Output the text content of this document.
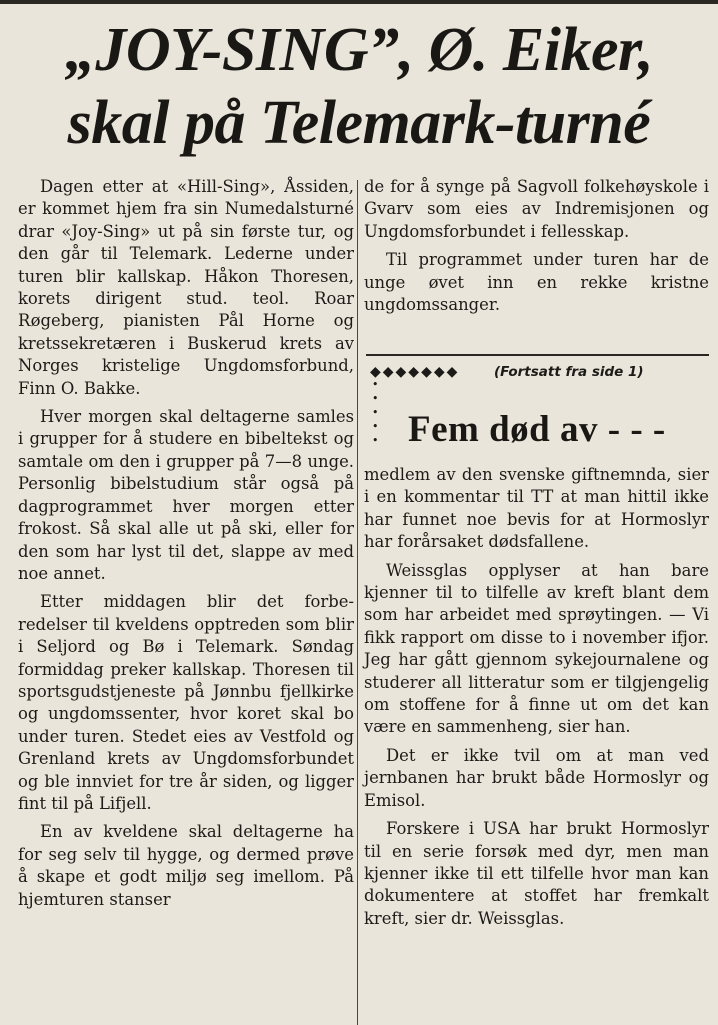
„JOY-SING”, Ø. Eiker,
skal på Telemark-turné

Dagen etter at «Hill-Sing», Åssiden, er kommet hjem fra sin Numedalsturné drar «Joy-Sing» ut på sin første tur, og den går til Telemark. Lederne under turen blir kallskap. Håkon Thoresen, korets dirigent stud. teol. Roar Røgeberg, pianisten Pål Horne og kretssekretæren i Buskerud krets av Norges kristelige Ungdomsforbund, Finn O. Bakke.

Hver morgen skal deltagerne samles i grupper for å studere en bibeltekst og samtale om den i grupper på 7—8 unge. Personlig bibelstudium står også på dagprogrammet hver morgen etter frokost. Så skal alle ut på ski, eller for den som har lyst til det, slappe av med noe annet.

Etter middagen blir det forberedelser til kveldens opptreden som blir i Seljord og Bø i Telemark. Søndag formiddag preker kallskap. Thoresen til sportsgudstjeneste på Jønnbu fjellkirke og ungdomssenter, hvor koret skal bo under turen. Stedet eies av Vestfold og Grenland krets av Ungdomsforbundet og ble innviet for tre år siden, og ligger fint til på Lifjell.

En av kveldene skal deltagerne ha for seg selv til hygge, og dermed prøve å skape et godt miljø seg imellom. På hjemturen stanser

de for å synge på Sagvoll folkehøyskole i Gvarv som eies av Indremisjonen og Ungdomsforbundet i fellesskap.

Til programmet under turen har de unge øvet inn en rekke kristne ungdomssanger.

◆◆◆◆◆◆◆
•
•
•
•
•
(Fortsatt fra side 1)
Fem død av - - -

medlem av den svenske giftnemnda, sier i en kommentar til TT at man hittil ikke har funnet noe bevis for at Hormoslyr har forårsaket dødsfallene.

Weissglas opplyser at han bare kjenner til to tilfelle av kreft blant dem som har arbeidet med sprøytingen. — Vi fikk rapport om disse to i november ifjor. Jeg har gått gjennom sykejournalene og studerer all litteratur som er tilgjengelig om stoffene for å finne ut om det kan være en sammenheng, sier han.

Det er ikke tvil om at man ved jernbanen har brukt både Hormoslyr og Emisol.

Forskere i USA har brukt Hormoslyr til en serie forsøk med dyr, men man kjenner ikke til ett tilfelle hvor man kan dokumentere at stoffet har fremkalt kreft, sier dr. Weissglas.
